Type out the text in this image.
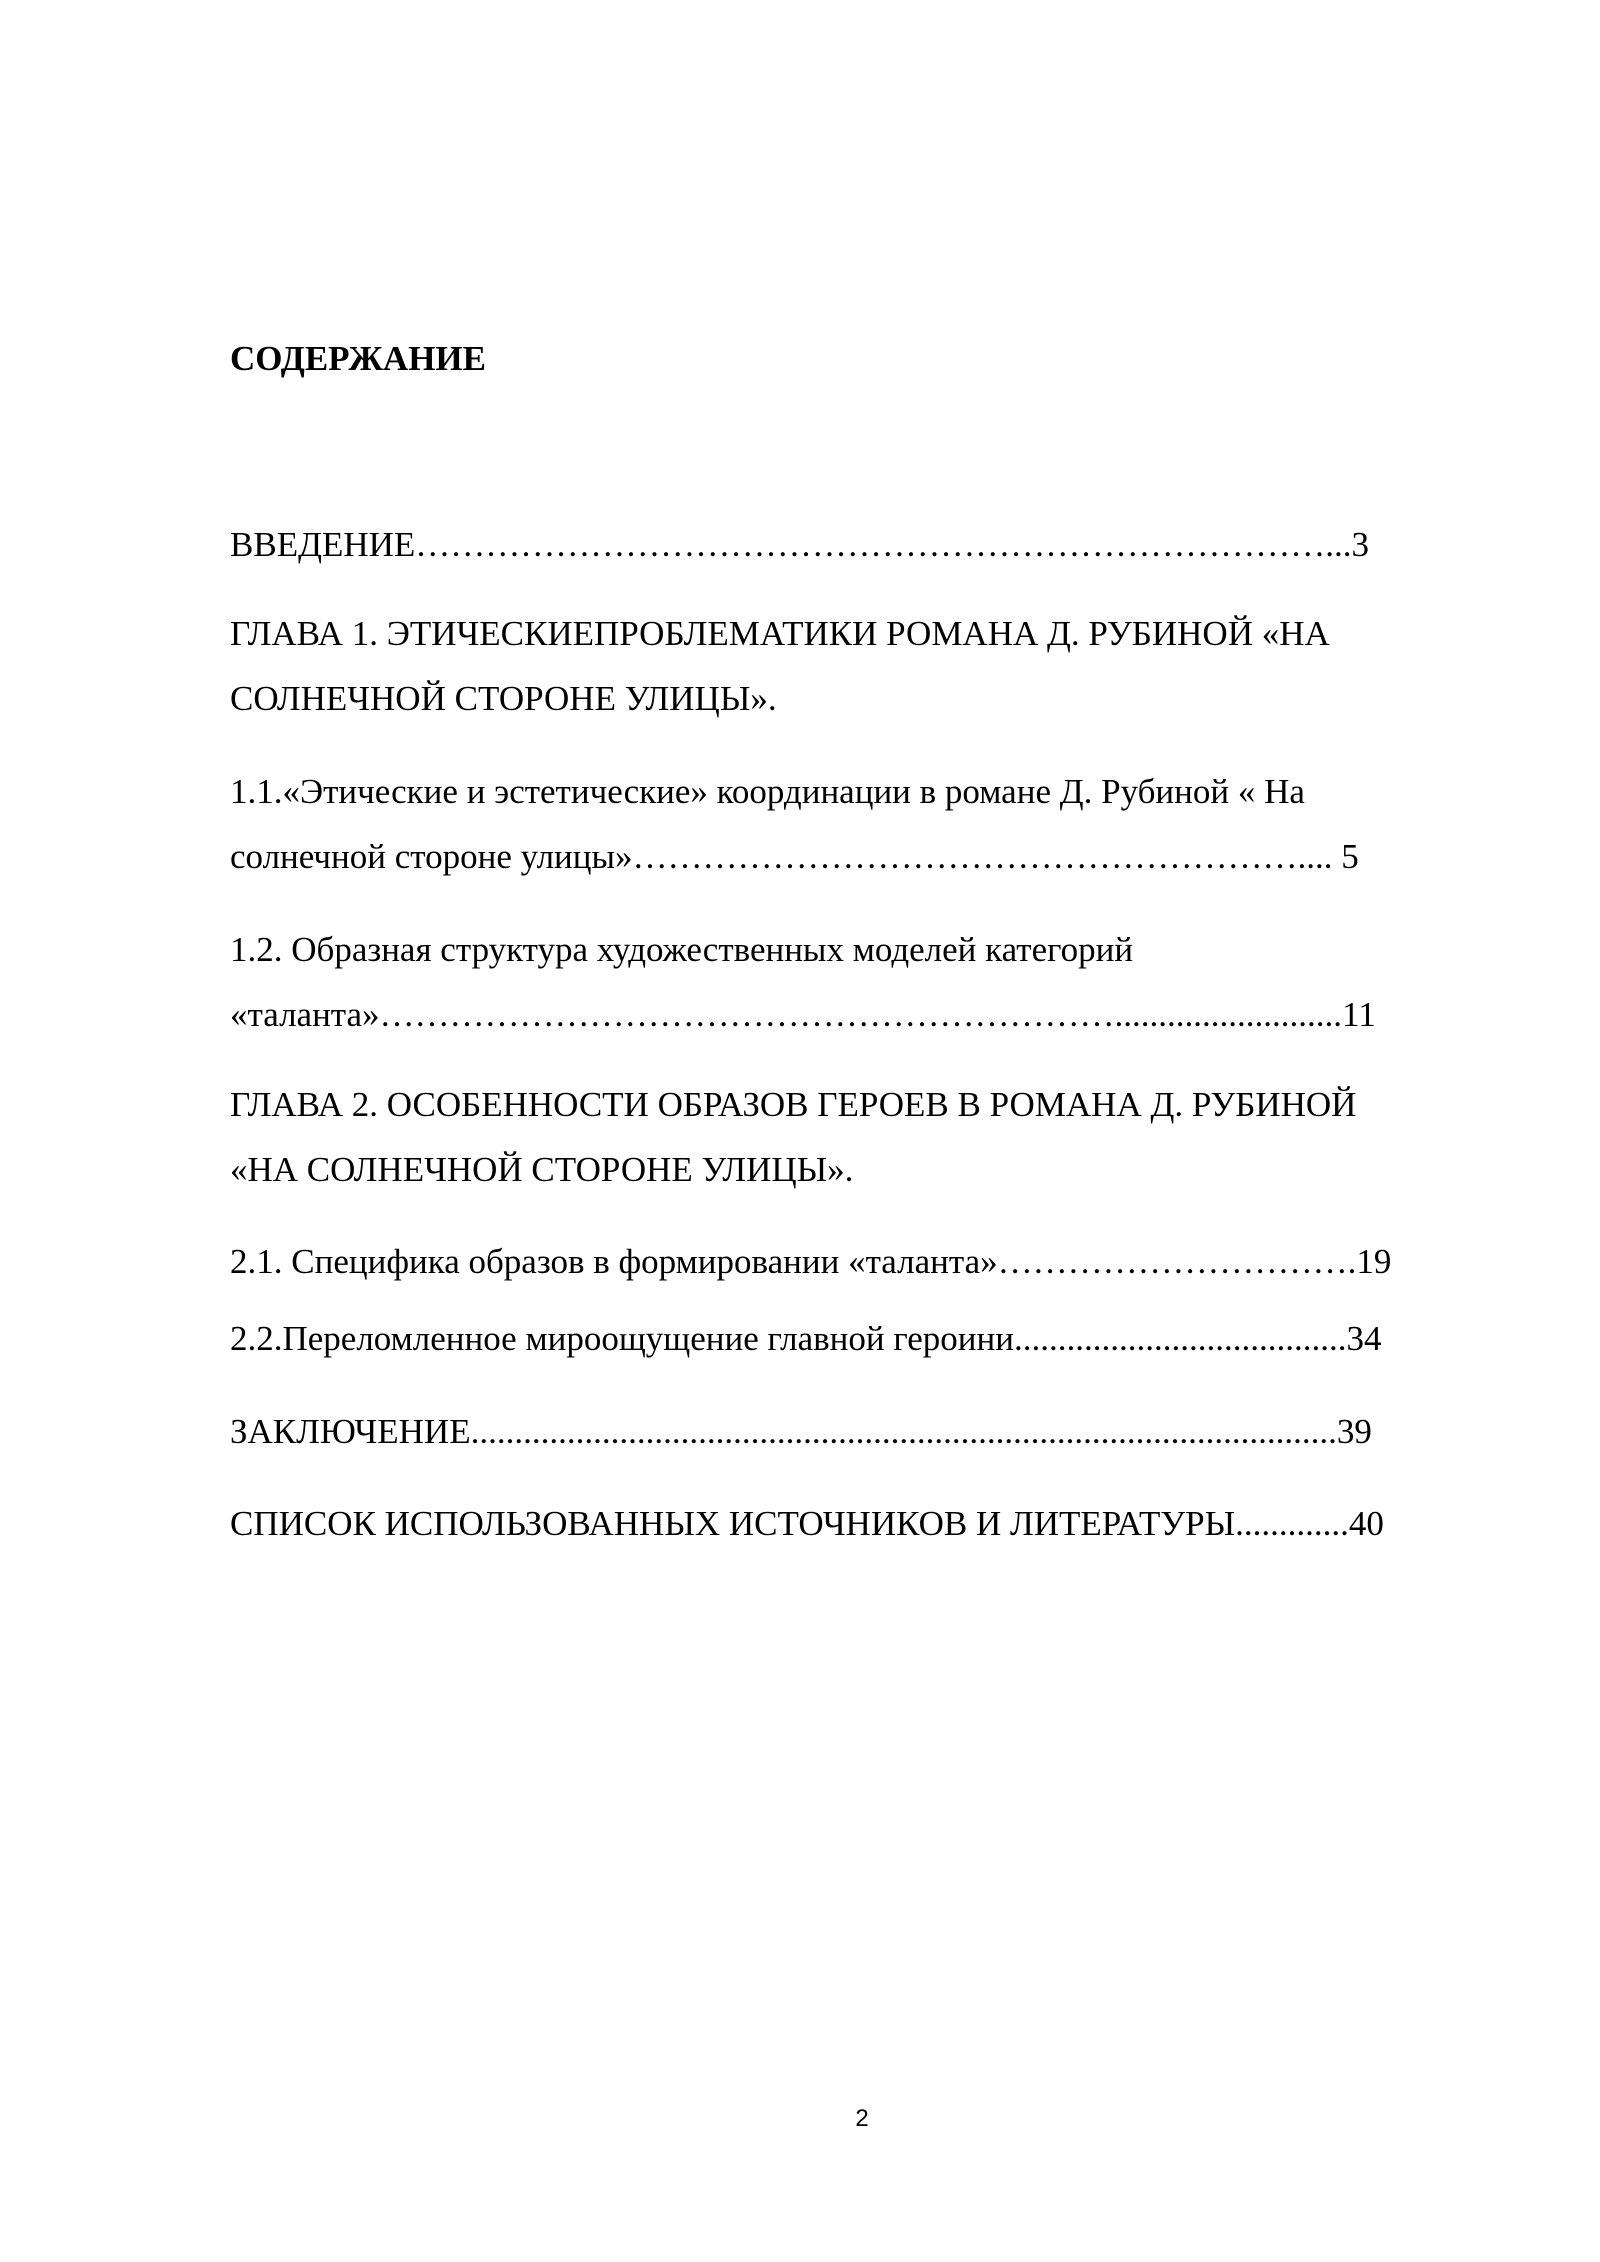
СОДЕРЖАНИЕ
ВВЕДЕНИЕ……………………………………………………………………...3
ГЛАВА 1. ЭТИЧЕСКИЕПРОБЛЕМАТИКИ РОМАНА Д. РУБИНОЙ «НА
СОЛНЕЧНОЙ СТОРОНЕ УЛИЦЫ».
1.1.«Этические и эстетические» координации в романе Д. Рубиной « На
солнечной стороне улицы»………………………………………………….... 5
1.2. Образная структура художественных моделей категорий
«таланта»………………………………………………………..........................11
ГЛАВА 2. ОСОБЕННОСТИ ОБРАЗОВ ГЕРОЕВ В РОМАНА Д. РУБИНОЙ
«НА СОЛНЕЧНОЙ СТОРОНЕ УЛИЦЫ».
2.1. Специфика образов в формировании «таланта»………………………….19
2.2.Переломленное мироощущение главной героини......................................34
ЗАКЛЮЧЕНИЕ...................................................................................................39
СПИСОК ИСПОЛЬЗОВАННЫХ ИСТОЧНИКОВ И ЛИТЕРАТУРЫ.............40
2
